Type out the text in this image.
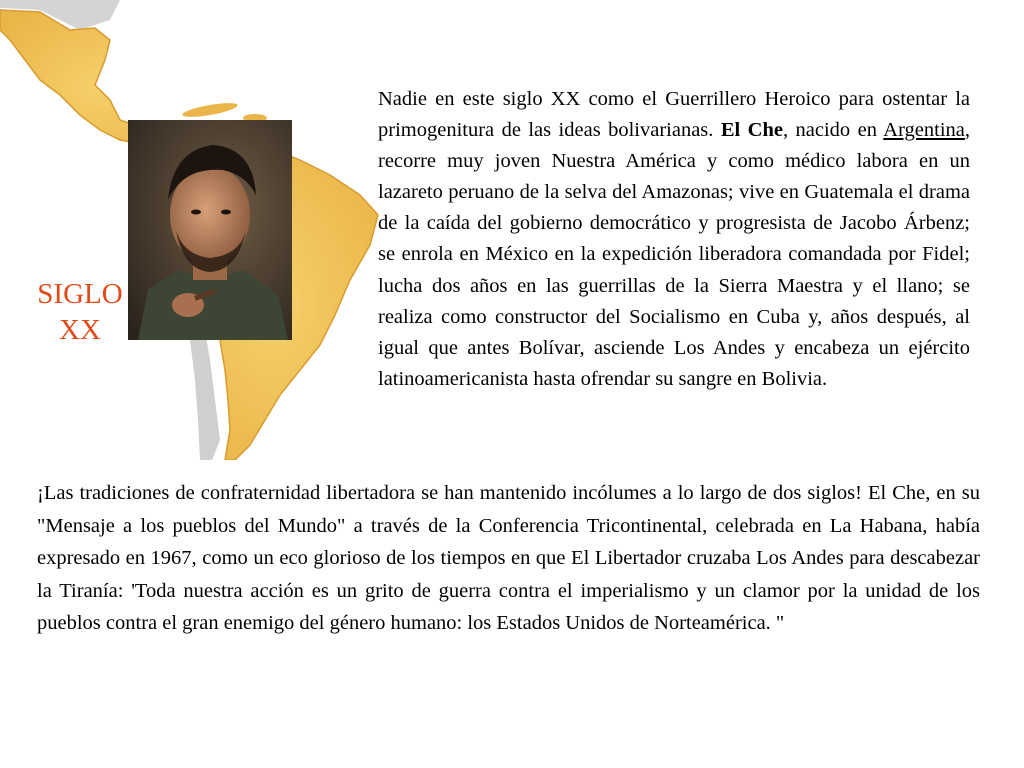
SIGLO
XX

Nadie en este siglo XX como el Guerrillero Heroico para ostentar la primogenitura de las ideas bolivarianas. El Che, nacido en Argentina, recorre muy joven Nuestra América y como médico labora en un lazareto peruano de la selva del Amazonas; vive en Guatemala el drama de la caída del gobierno democrático y progresista de Jacobo Árbenz; se enrola en México en la expedición liberadora comandada por Fidel; lucha dos años en las guerrillas de la Sierra Maestra y el llano; se realiza como constructor del Socialismo en Cuba y, años después, al igual que antes Bolívar, asciende Los Andes y encabeza un ejército latinoamericanista hasta ofrendar su sangre en Bolivia.

¡Las tradiciones de confraternidad libertadora se han mantenido incólumes a lo largo de dos siglos! El Che, en su "Mensaje a los pueblos del Mundo" a través de la Conferencia Tricontinental, celebrada en La Habana, había expresado en 1967, como un eco glorioso de los tiempos en que El Libertador cruzaba Los Andes para descabezar la Tiranía: 'Toda nuestra acción es un grito de guerra contra el imperialismo y un clamor por la unidad de los pueblos contra el gran enemigo del género humano: los Estados Unidos de Norteamérica. "
